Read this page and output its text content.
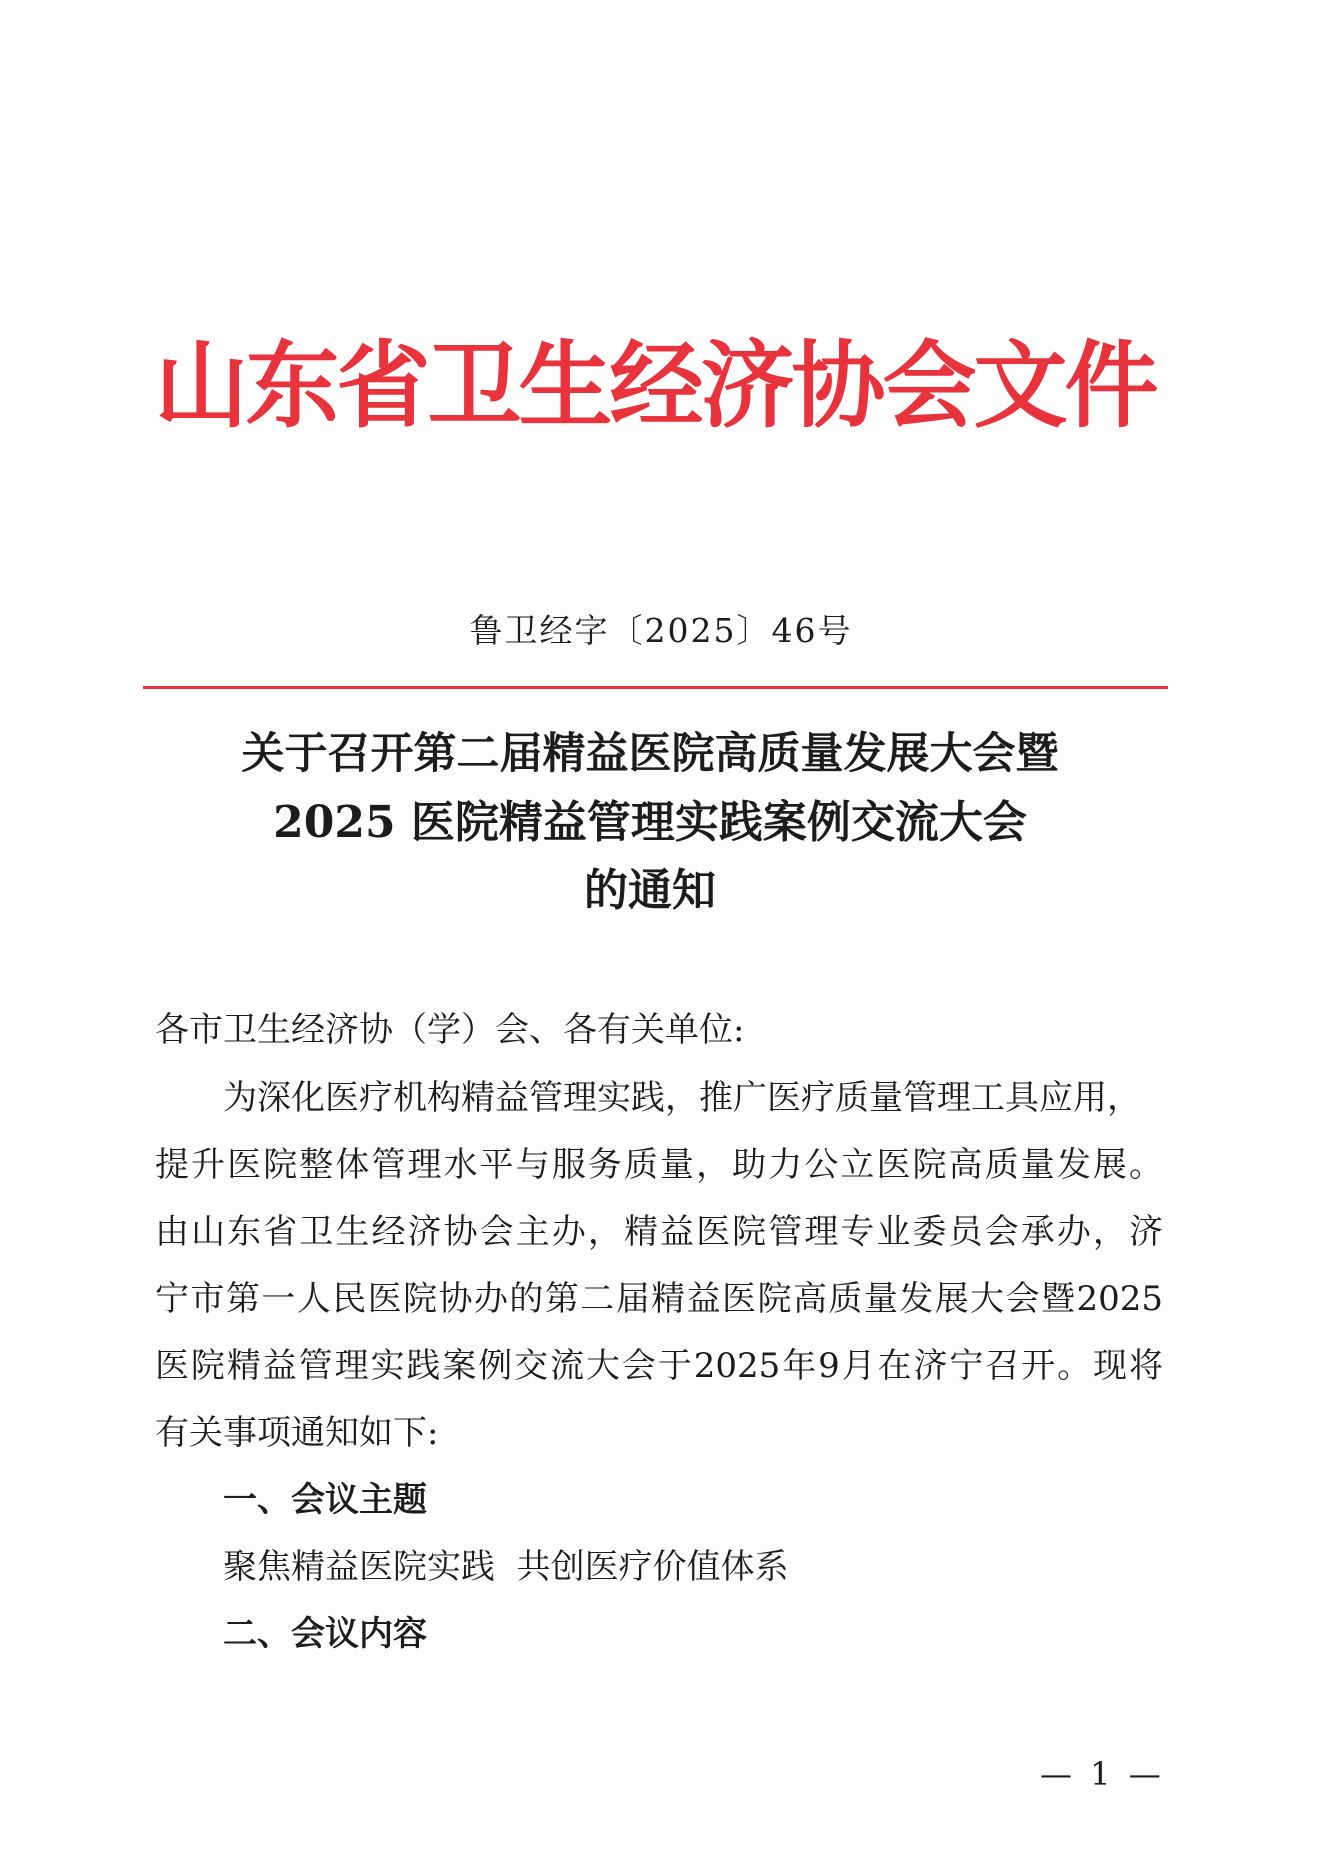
山东省卫生经济协会文件
鲁卫经字〔2025〕46号
关于召开第二届精益医院高质量发展大会暨
2025 医院精益管理实践案例交流大会
的通知
各市卫生经济协（学）会、各有关单位:
为深化医疗机构精益管理实践，推广医疗质量管理工具应用，
提升医院整体管理水平与服务质量，助力公立医院高质量发展。
由山东省卫生经济协会主办，精益医院管理专业委员会承办，济
宁市第一人民医院协办的第二届精益医院高质量发展大会暨2025
医院精益管理实践案例交流大会于2025年9月在济宁召开。现将
有关事项通知如下:
一、会议主题
聚焦精益医院实践  共创医疗价值体系
二、会议内容
— 1 —
